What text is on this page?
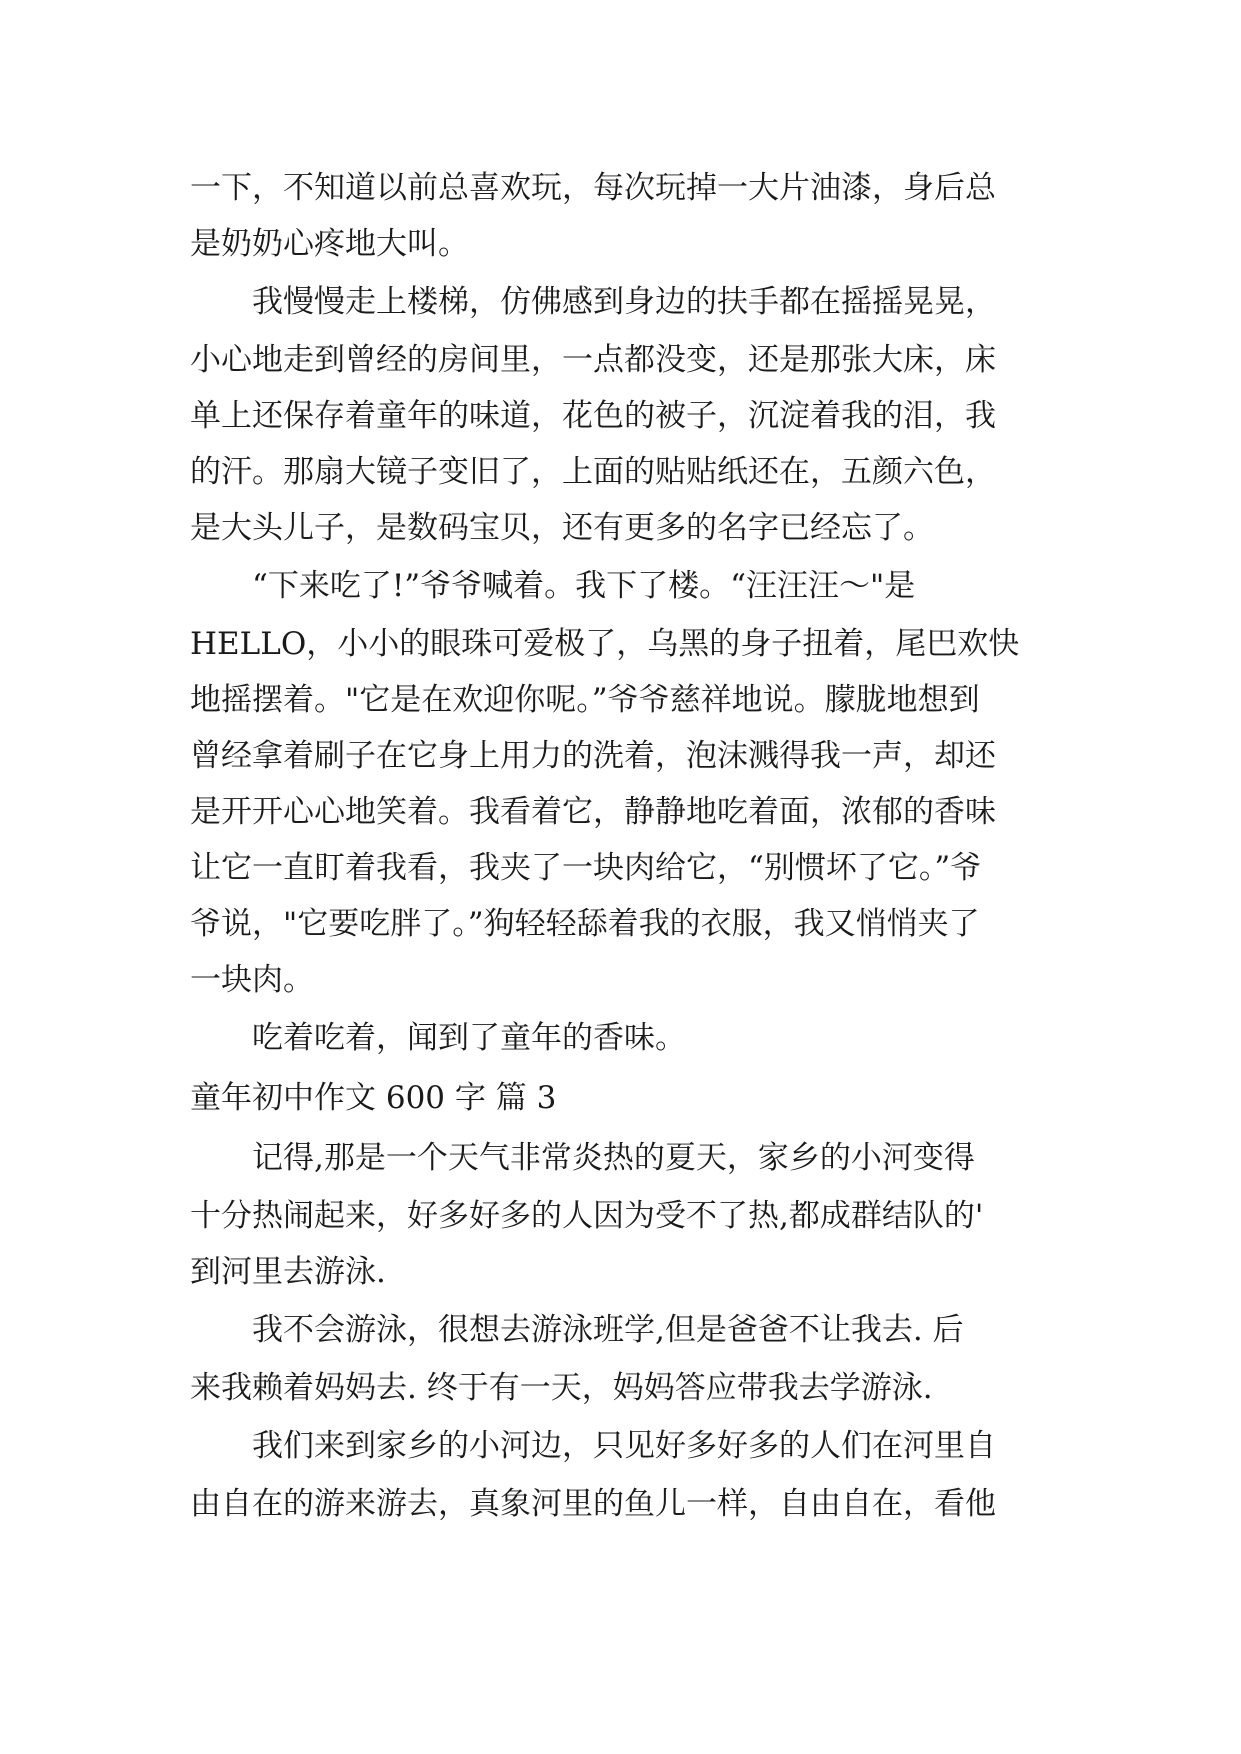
一下，不知道以前总喜欢玩，每次玩掉一大片油漆，身后总
是奶奶心疼地大叫。
　　我慢慢走上楼梯，仿佛感到身边的扶手都在摇摇晃晃，
小心地走到曾经的房间里，一点都没变，还是那张大床，床
单上还保存着童年的味道，花色的被子，沉淀着我的泪，我
的汗。那扇大镜子变旧了，上面的贴贴纸还在，五颜六色，
是大头儿子，是数码宝贝，还有更多的名字已经忘了。
　　“下来吃了!”爷爷喊着。我下了楼。“汪汪汪～"是
HELLO，小小的眼珠可爱极了，乌黑的身子扭着，尾巴欢快
地摇摆着。"它是在欢迎你呢。”爷爷慈祥地说。朦胧地想到
曾经拿着刷子在它身上用力的洗着，泡沫溅得我一声，却还
是开开心心地笑着。我看着它，静静地吃着面，浓郁的香味
让它一直盯着我看，我夹了一块肉给它，“别惯坏了它。”爷
爷说，"它要吃胖了。”狗轻轻舔着我的衣服，我又悄悄夹了
一块肉。
　　吃着吃着，闻到了童年的香味。
童年初中作文 600 字 篇 3
　　记得,那是一个天气非常炎热的夏天，家乡的小河变得
十分热闹起来，好多好多的人因为受不了热,都成群结队的'
到河里去游泳.
　　我不会游泳，很想去游泳班学,但是爸爸不让我去. 后
来我赖着妈妈去. 终于有一天，妈妈答应带我去学游泳.
　　我们来到家乡的小河边，只见好多好多的人们在河里自
由自在的游来游去，真象河里的鱼儿一样，自由自在，看他
